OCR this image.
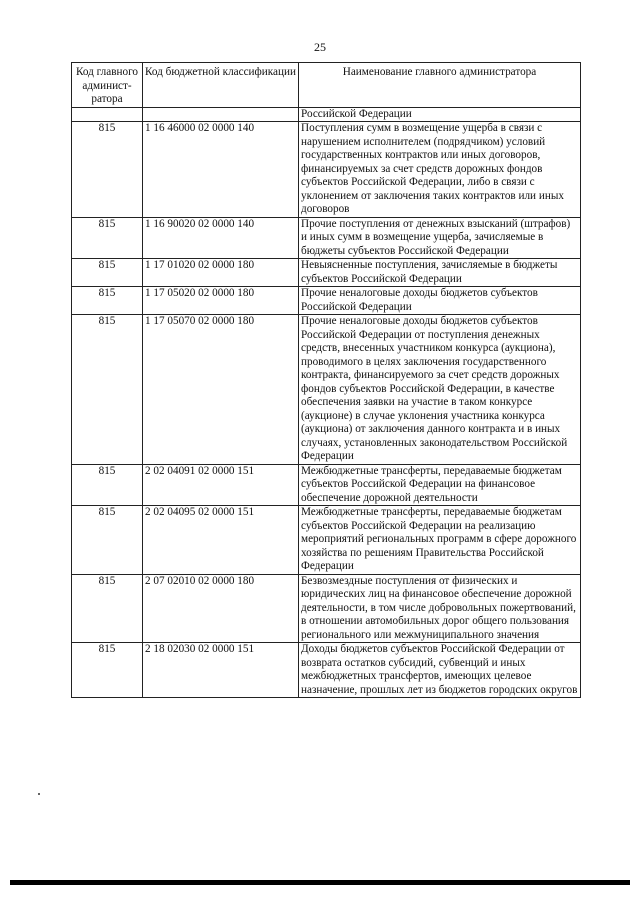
25
Код главного админист- ратора	Код бюджетной классификации	Наименование главного администратора
		Российской Федерации
815	1 16 46000 02 0000 140	Поступления сумм в возмещение ущерба в связи с нарушением исполнителем (подрядчиком) условий государственных контрактов или иных договоров, финансируемых за счет средств дорожных фондов субъектов Российской Федерации, либо в связи с уклонением от заключения таких контрактов или иных договоров
815	1 16 90020 02 0000 140	Прочие поступления от денежных взысканий (штрафов) и иных сумм в возмещение ущерба, зачисляемые в бюджеты субъектов Российской Федерации
815	1 17 01020 02 0000 180	Невыясненные поступления, зачисляемые в бюджеты субъектов Российской Федерации
815	1 17 05020 02 0000 180	Прочие неналоговые доходы бюджетов субъектов Российской Федерации
815	1 17 05070 02 0000 180	Прочие неналоговые доходы бюджетов субъектов Российской Федерации от поступления денежных средств, внесенных участником конкурса (аукциона), проводимого в целях заключения государственного контракта, финансируемого за счет средств дорожных фондов субъектов Российской Федерации, в качестве обеспечения заявки на участие в таком конкурсе (аукционе) в случае уклонения участника конкурса (аукциона) от заключения данного контракта и в иных случаях, установленных законодательством Российской Федерации
815	2 02 04091 02 0000 151	Межбюджетные трансферты, передаваемые бюджетам субъектов Российской Федерации на финансовое обеспечение дорожной деятельности
815	2 02 04095 02 0000 151	Межбюджетные трансферты, передаваемые бюджетам субъектов Российской Федерации на реализацию мероприятий региональных программ в сфере дорожного хозяйства по решениям Правительства Российской Федерации
815	2 07 02010 02 0000 180	Безвозмездные поступления от физических и юридических лиц на финансовое обеспечение дорожной деятельности, в том числе добровольных пожертвований, в отношении автомобильных дорог общего пользования регионального или межмуниципального значения
815	2 18 02030 02 0000 151	Доходы бюджетов субъектов Российской Федерации от возврата остатков субсидий, субвенций и иных межбюджетных трансфертов, имеющих целевое назначение, прошлых лет из бюджетов городских округов
